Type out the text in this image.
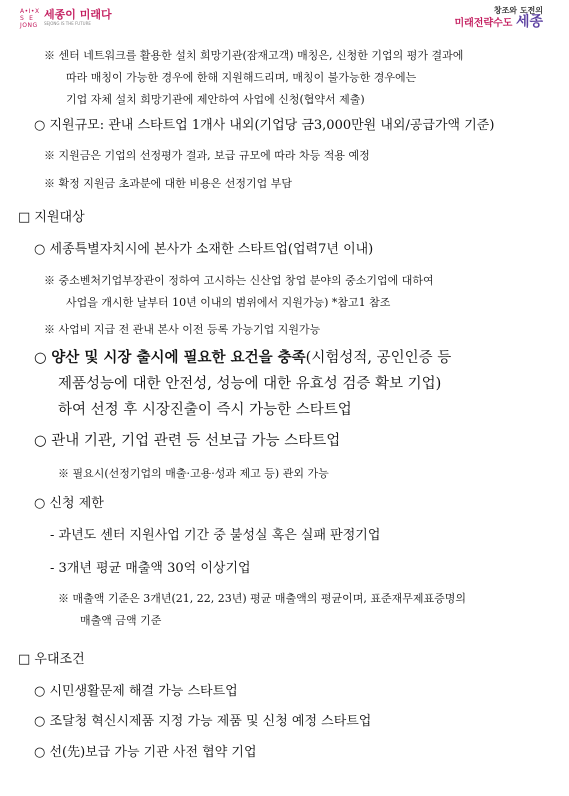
A•I•X
S  E
JONG
세종이 미래다
SEJONG IS THE FUTURE
창조와 도전의
미래전략수도 세종
※ 센터 네트워크를 활용한 설치 희망기관(잠재고객) 매칭은, 신청한 기업의 평가 결과에
따라 매칭이 가능한 경우에 한해 지원해드리며, 매칭이 불가능한 경우에는
기업 자체 설치 희망기관에 제안하여 사업에 신청(협약서 제출)
○ 지원규모: 관내 스타트업 1개사 내외(기업당 금3,000만원 내외/공급가액 기준)
※ 지원금은 기업의 선정평가 결과, 보급 규모에 따라 차등 적용 예정
※ 확정 지원금 초과분에 대한 비용은 선정기업 부담
□ 지원대상
○ 세종특별자치시에 본사가 소재한 스타트업(업력7년 이내)
※ 중소벤처기업부장관이 정하여 고시하는 신산업 창업 분야의 중소기업에 대하여
사업을 개시한 날부터 10년 이내의 범위에서 지원가능) *참고1 참조
※ 사업비 지급 전 관내 본사 이전 등록 가능기업 지원가능
○ 양산 및 시장 출시에 필요한 요건을 충족(시험성적, 공인인증 등
제품성능에 대한 안전성, 성능에 대한 유효성 검증 확보 기업)
하여 선정 후 시장진출이 즉시 가능한 스타트업
○ 관내 기관, 기업 관련 등 선보급 가능 스타트업
※ 필요시(선정기업의 매출·고용·성과 제고 등) 관외 가능
○ 신청 제한
- 과년도 센터 지원사업 기간 중 불성실 혹은 실패 판정기업
- 3개년 평균 매출액 30억 이상기업
※ 매출액 기준은 3개년(21, 22, 23년) 평균 매출액의 평균이며, 표준재무제표증명의
매출액 금액 기준
□ 우대조건
○ 시민생활문제 해결 가능 스타트업
○ 조달청 혁신시제품 지정 가능 제품 및 신청 예정 스타트업
○ 선(先)보급 가능 기관 사전 협약 기업
